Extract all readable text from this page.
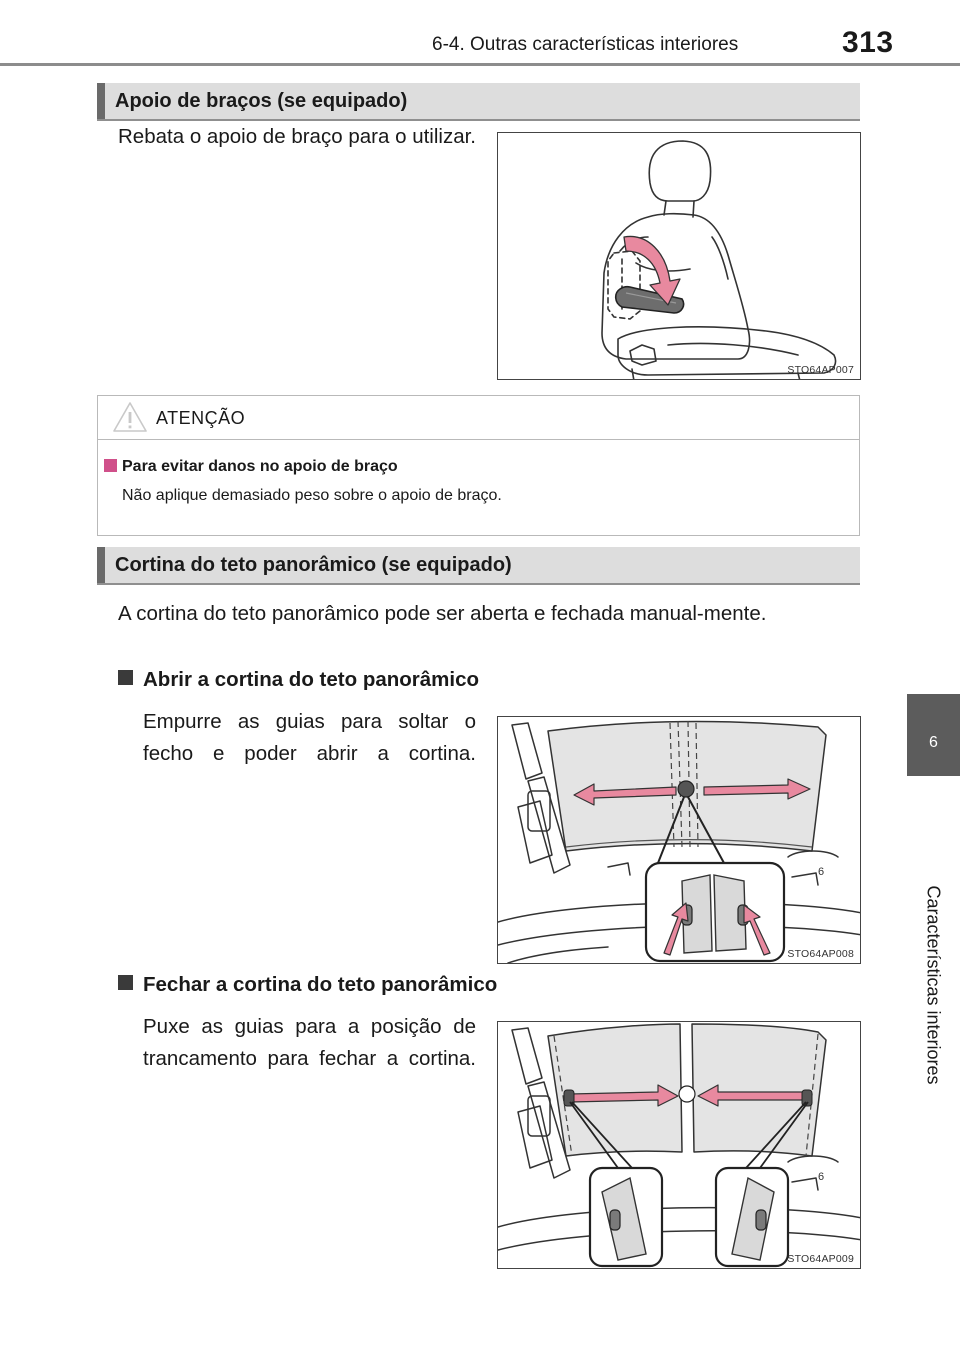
6-4. Outras características interiores	313
6
Características interiores
Apoio de braços (se equipado)
Rebata o apoio de braço para o utilizar.
STO64AP007
ATENÇÃO
Para evitar danos no apoio de braço
Não aplique demasiado peso sobre o apoio de braço.
Cortina do teto panorâmico (se equipado)
A cortina do teto panorâmico pode ser aberta e fechada manual-mente.
Abrir a cortina do teto panorâmico
Empurre as guias para soltar o fecho e poder abrir a cortina.
6
STO64AP008
Fechar a cortina do teto panorâmico
Puxe as guias para a posição de trancamento para fechar a cortina.
6
STO64AP009
